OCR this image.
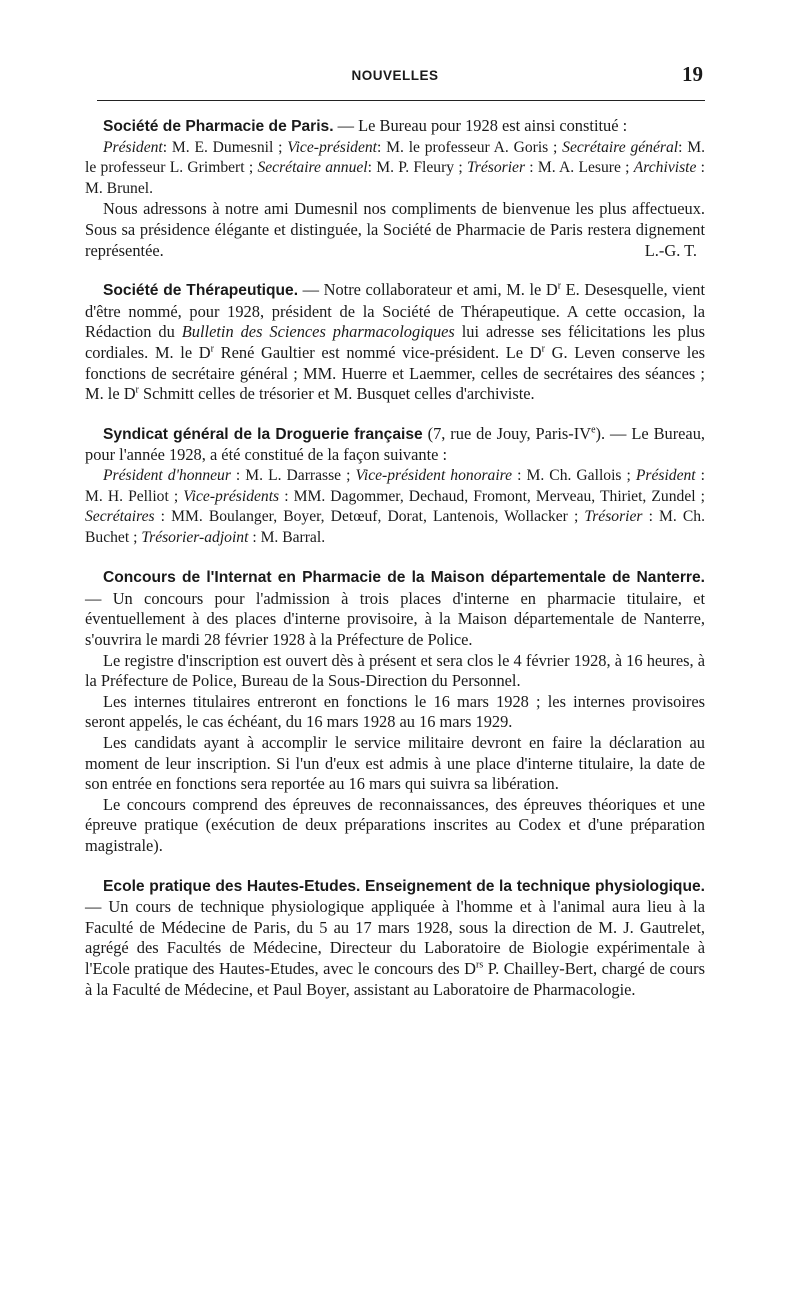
NOUVELLES	19

Société de Pharmacie de Paris. — Le Bureau pour 1928 est ainsi constitué :

Président: M. E. Dumesnil ; Vice-président: M. le professeur A. Goris ; Secrétaire général: M. le professeur L. Grimbert ; Secrétaire annuel: M. P. Fleury ; Trésorier : M. A. Lesure ; Archiviste : M. Brunel.

Nous adressons à notre ami Dumesnil nos compliments de bienvenue les plus affectueux. Sous sa présidence élégante et distinguée, la Société de Pharmacie de Paris restera dignement représentée.	L.-G. T.

Société de Thérapeutique. — Notre collaborateur et ami, M. le $D^r$ E. Desesquelle, vient d'être nommé, pour 1928, président de la Société de Thérapeutique. A cette occasion, la Rédaction du Bulletin des Sciences pharmacologiques lui adresse ses félicitations les plus cordiales. M. le $D^r$ René Gaultier est nommé vice-président. Le $D^r$ G. Leven conserve les fonctions de secrétaire général ; MM. Huerre et Laemmer, celles de secrétaires des séances ; M. le $D^r$ Schmitt celles de trésorier et M. Busquet celles d'archiviste.

Syndicat général de la Droguerie française (7, rue de Jouy, Paris-IVe). — Le Bureau, pour l'année 1928, a été constitué de la façon suivante :

Président d'honneur : M. L. Darrasse ; Vice-président honoraire : M. Ch. Gallois ; Président : M. H. Pelliot ; Vice-présidents : MM. Dagommer, Dechaud, Fromont, Merveau, Thiriet, Zundel ; Secrétaires : MM. Boulanger, Boyer, Detœuf, Dorat, Lantenois, Wollacker ; Trésorier : M. Ch. Buchet ; Trésorier-adjoint : M. Barral.

Concours de l'Internat en Pharmacie de la Maison départementale de Nanterre. — Un concours pour l'admission à trois places d'interne en pharmacie titulaire, et éventuellement à des places d'interne provisoire, à la Maison départementale de Nanterre, s'ouvrira le mardi 28 février 1928 à la Préfecture de Police.

Le registre d'inscription est ouvert dès à présent et sera clos le 4 février 1928, à 16 heures, à la Préfecture de Police, Bureau de la Sous-Direction du Personnel.

Les internes titulaires entreront en fonctions le 16 mars 1928 ; les internes provisoires seront appelés, le cas échéant, du 16 mars 1928 au 16 mars 1929.

Les candidats ayant à accomplir le service militaire devront en faire la déclaration au moment de leur inscription. Si l'un d'eux est admis à une place d'interne titulaire, la date de son entrée en fonctions sera reportée au 16 mars qui suivra sa libération.

Le concours comprend des épreuves de reconnaissances, des épreuves théoriques et une épreuve pratique (exécution de deux préparations inscrites au Codex et d'une préparation magistrale).

Ecole pratique des Hautes-Etudes. Enseignement de la technique physiologique. — Un cours de technique physiologique appliquée à l'homme et à l'animal aura lieu à la Faculté de Médecine de Paris, du 5 au 17 mars 1928, sous la direction de M. J. Gautrelet, agrégé des Facultés de Médecine, Directeur du Laboratoire de Biologie expérimentale à l'Ecole pratique des Hautes-Etudes, avec le concours des $D^{rs}$ P. Chailley-Bert, chargé de cours à la Faculté de Médecine, et Paul Boyer, assistant au Laboratoire de Pharmacologie.
